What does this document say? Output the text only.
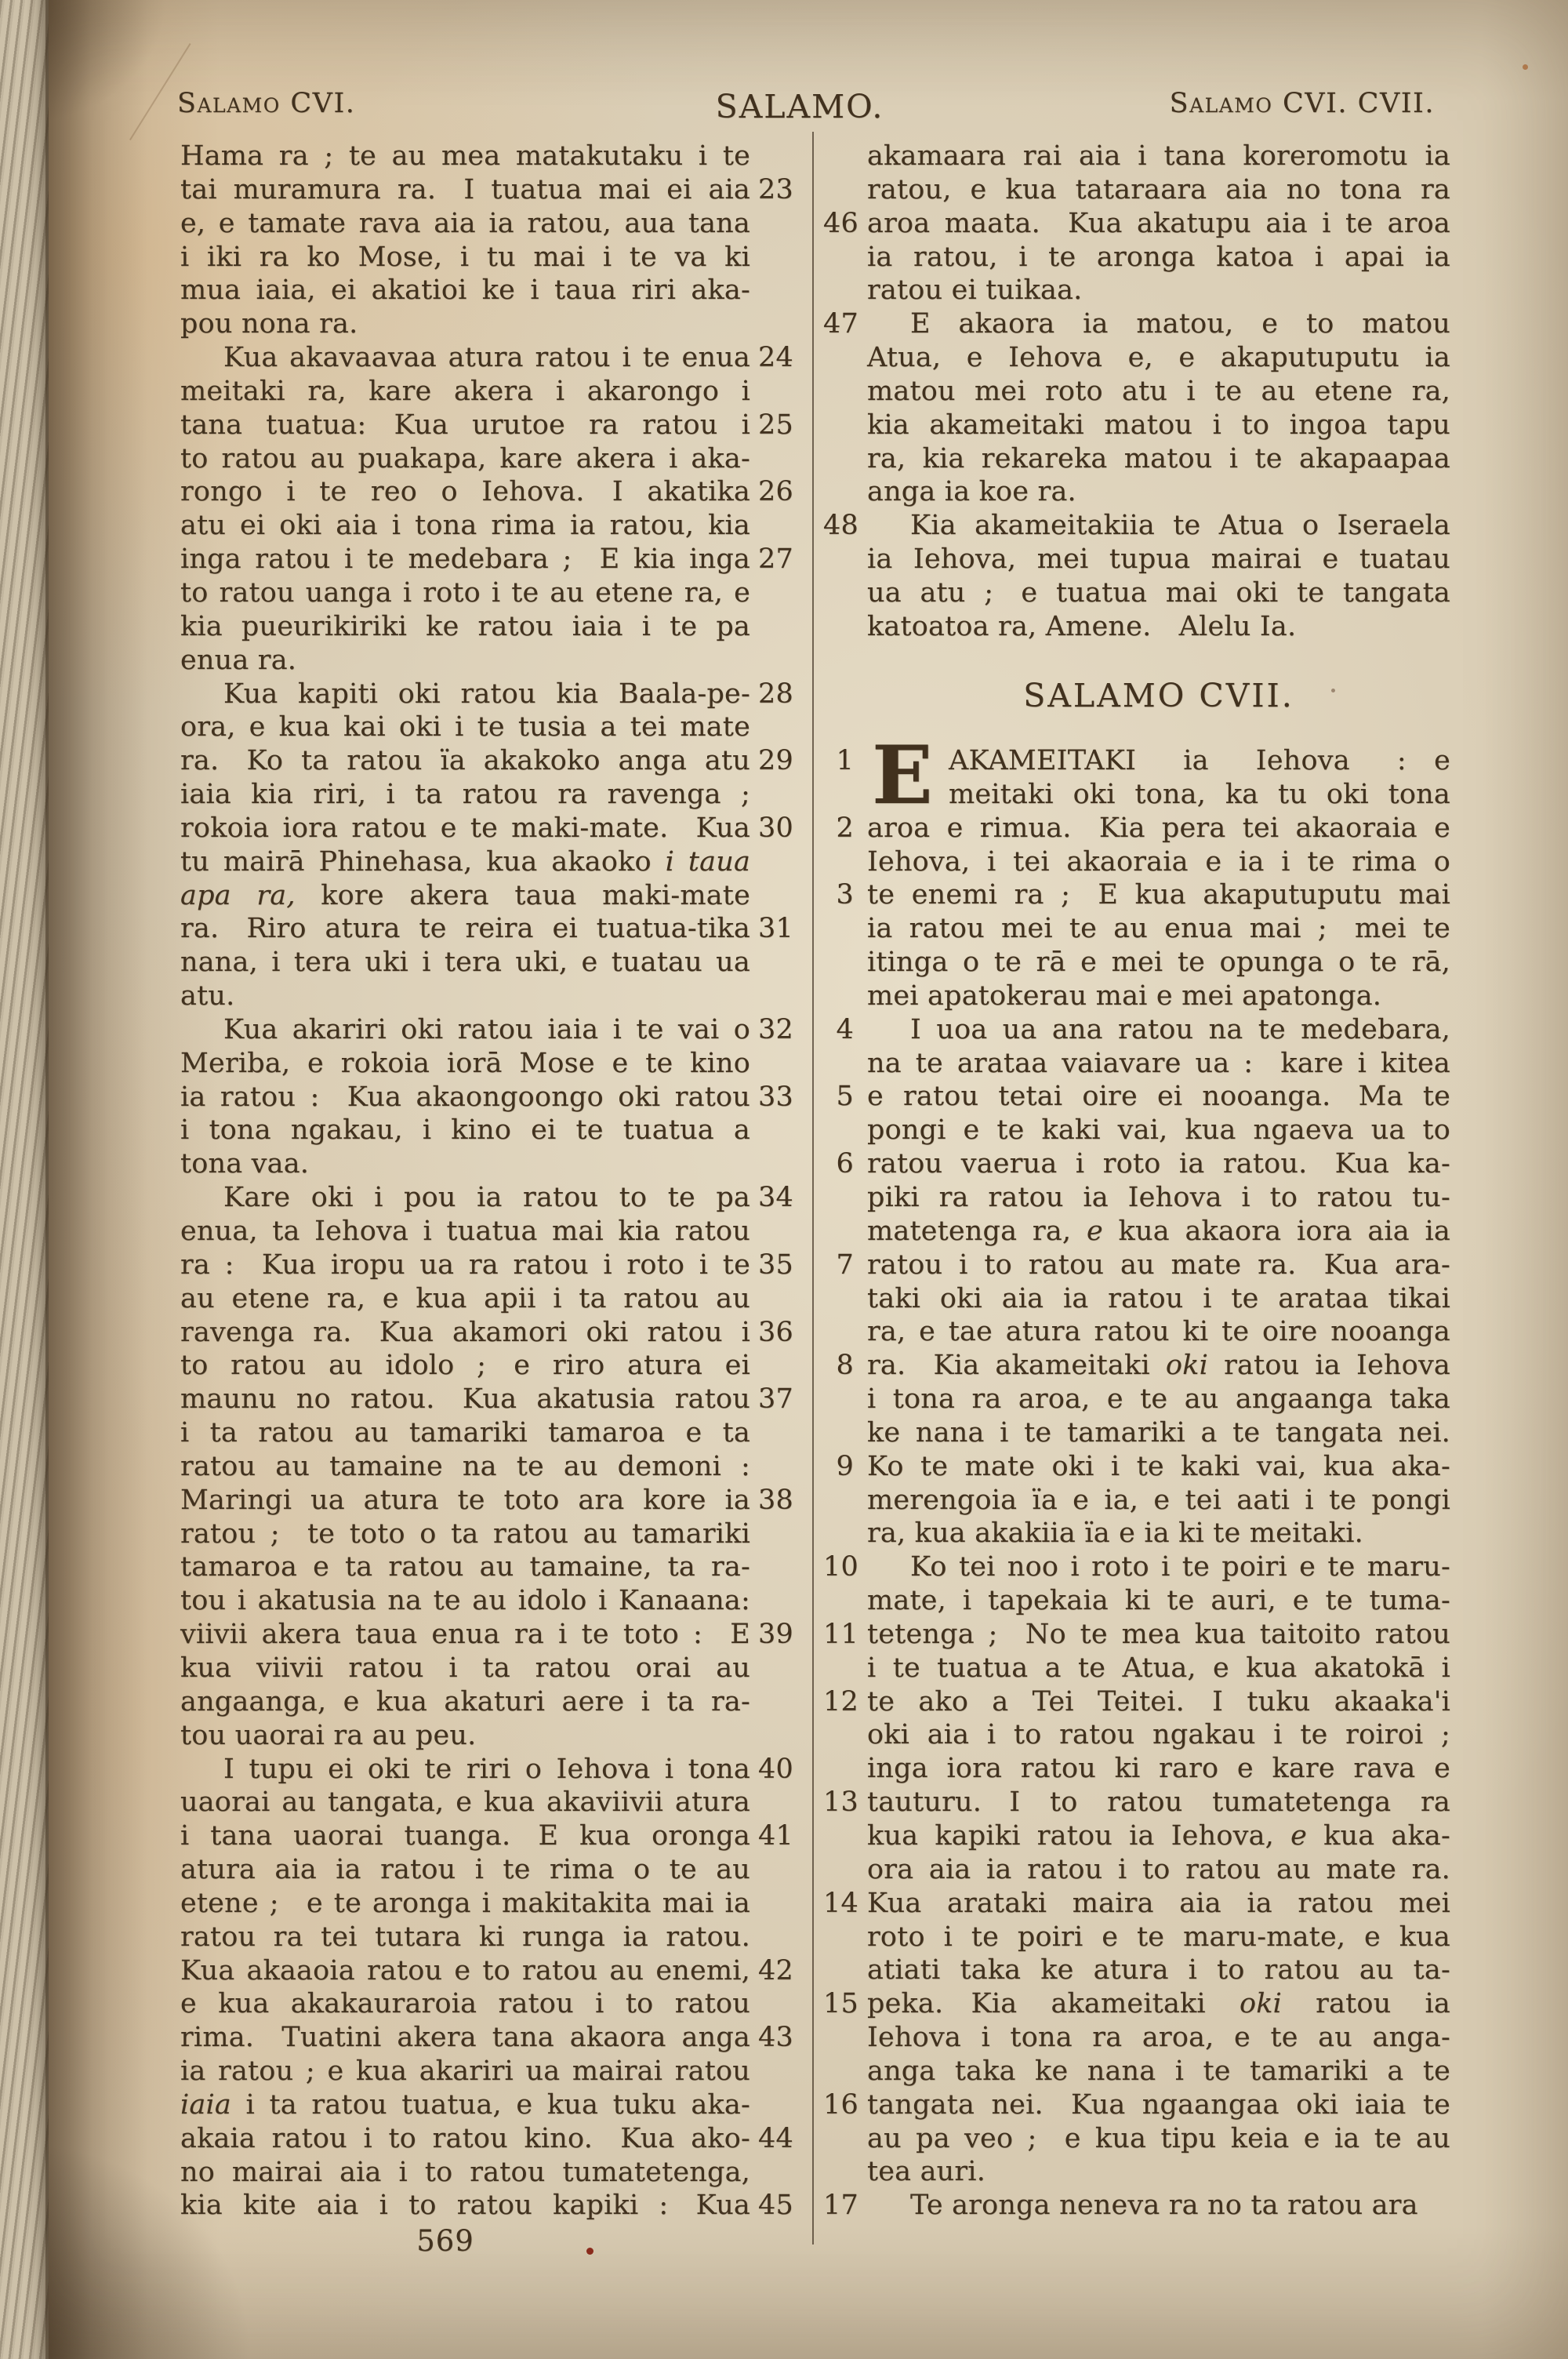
Salamo CVI.	SALAMO.	Salamo CVI. CVII.
Hama ra ; te au mea matakutaku i te
tai muramura ra. I tuatua mai ei aia 23
e, e tamate rava aia ia ratou, aua tana
i iki ra ko Mose, i tu mai i te va ki
mua iaia, ei akatioi ke i taua riri aka-
pou nona ra.
Kua akavaavaa atura ratou i te enua 24
meitaki ra, kare akera i akarongo i
tana tuatua: Kua urutoe ra ratou i 25
to ratou au puakapa, kare akera i aka-
rongo i te reo o Iehova. I akatika 26
atu ei oki aia i tona rima ia ratou, kia
inga ratou i te medebara ; E kia inga 27
to ratou uanga i roto i te au etene ra, e
kia pueurikiriki ke ratou iaia i te pa
enua ra.
Kua kapiti oki ratou kia Baala-pe- 28
ora, e kua kai oki i te tusia a tei mate
ra. Ko ta ratou ïa akakoko anga atu 29
iaia kia riri, i ta ratou ra ravenga ;
rokoia iora ratou e te maki-mate. Kua 30
tu mairā Phinehasa, kua akaoko i taua
apa ra, kore akera taua maki-mate
ra. Riro atura te reira ei tuatua-tika 31
nana, i tera uki i tera uki, e tuatau ua
atu.
Kua akariri oki ratou iaia i te vai o 32
Meriba, e rokoia iorā Mose e te kino
ia ratou : Kua akaongoongo oki ratou 33
i tona ngakau, i kino ei te tuatua a
tona vaa.
Kare oki i pou ia ratou to te pa 34
enua, ta Iehova i tuatua mai kia ratou
ra : Kua iropu ua ra ratou i roto i te 35
au etene ra, e kua apii i ta ratou au
ravenga ra. Kua akamori oki ratou i 36
to ratou au idolo ; e riro atura ei
maunu no ratou. Kua akatusia ratou 37
i ta ratou au tamariki tamaroa e ta
ratou au tamaine na te au demoni :
Maringi ua atura te toto ara kore ia 38
ratou ; te toto o ta ratou au tamariki
tamaroa e ta ratou au tamaine, ta ra-
tou i akatusia na te au idolo i Kanaana:
viivii akera taua enua ra i te toto : E 39
kua viivii ratou i ta ratou orai au
angaanga, e kua akaturi aere i ta ra-
tou uaorai ra au peu.
I tupu ei oki te riri o Iehova i tona 40
uaorai au tangata, e kua akaviivii atura
i tana uaorai tuanga. E kua oronga 41
atura aia ia ratou i te rima o te au
etene ; e te aronga i makitakita mai ia
ratou ra tei tutara ki runga ia ratou.
Kua akaaoia ratou e to ratou au enemi, 42
e kua akakauraroia ratou i to ratou
rima. Tuatini akera tana akaora anga 43
ia ratou ; e kua akariri ua mairai ratou
iaia i ta ratou tuatua, e kua tuku aka-
akaia ratou i to ratou kino. Kua ako- 44
no mairai aia i to ratou tumatetenga,
kia kite aia i to ratou kapiki : Kua 45
akamaara rai aia i tana koreromotu ia
ratou, e kua tataraara aia no tona ra
46 aroa maata. Kua akatupu aia i te aroa
ia ratou, i te aronga katoa i apai ia
ratou ei tuikaa.
47	E akaora ia matou, e to matou
Atua, e Iehova e, e akaputuputu ia
matou mei roto atu i te au etene ra,
kia akameitaki matou i to ingoa tapu
ra, kia rekareka matou i te akapaapaa
anga ia koe ra.
48	Kia akameitakiia te Atua o Iseraela
ia Iehova, mei tupua mairai e tuatau
ua atu ; e tuatua mai oki te tangata
katoatoa ra, Amene. Alelu Ia.
SALAMO CVII.
1	AKAMEITAKI ia Iehova : e
meitaki oki tona, ka tu oki tona
2 aroa e rimua. Kia pera tei akaoraia e
Iehova, i tei akaoraia e ia i te rima o
3 te enemi ra ; E kua akaputuputu mai
ia ratou mei te au enua mai ; mei te
itinga o te rā e mei te opunga o te rā,
mei apatokerau mai e mei apatonga.
4	I uoa ua ana ratou na te medebara,
na te arataa vaiavare ua : kare i kitea
5 e ratou tetai oire ei nooanga. Ma te
pongi e te kaki vai, kua ngaeva ua to
6 ratou vaerua i roto ia ratou. Kua ka-
piki ra ratou ia Iehova i to ratou tu-
matetenga ra, e kua akaora iora aia ia
7 ratou i to ratou au mate ra. Kua ara-
taki oki aia ia ratou i te arataa tikai
ra, e tae atura ratou ki te oire nooanga
8 ra. Kia akameitaki oki ratou ia Iehova
i tona ra aroa, e te au angaanga taka
ke nana i te tamariki a te tangata nei.
9 Ko te mate oki i te kaki vai, kua aka-
merengoia ïa e ia, e tei aati i te pongi
ra, kua akakiia ïa e ia ki te meitaki.
10	Ko tei noo i roto i te poiri e te maru-
mate, i tapekaia ki te auri, e te tuma-
11 tetenga ; No te mea kua taitoito ratou
i te tuatua a te Atua, e kua akatokā i
12 te ako a Tei Teitei. I tuku akaaka'i
oki aia i to ratou ngakau i te roiroi ;
inga iora ratou ki raro e kare rava e
13 tauturu. I to ratou tumatetenga ra
kua kapiki ratou ia Iehova, e kua aka-
ora aia ia ratou i to ratou au mate ra.
14 Kua arataki maira aia ia ratou mei
roto i te poiri e te maru-mate, e kua
atiati taka ke atura i to ratou au ta-
15 peka. Kia akameitaki oki ratou ia
Iehova i tona ra aroa, e te au anga-
anga taka ke nana i te tamariki a te
16 tangata nei. Kua ngaangaa oki iaia te
au pa veo ; e kua tipu keia e ia te au
tea auri.
17	Te aronga neneva ra no ta ratou ara
E
569
